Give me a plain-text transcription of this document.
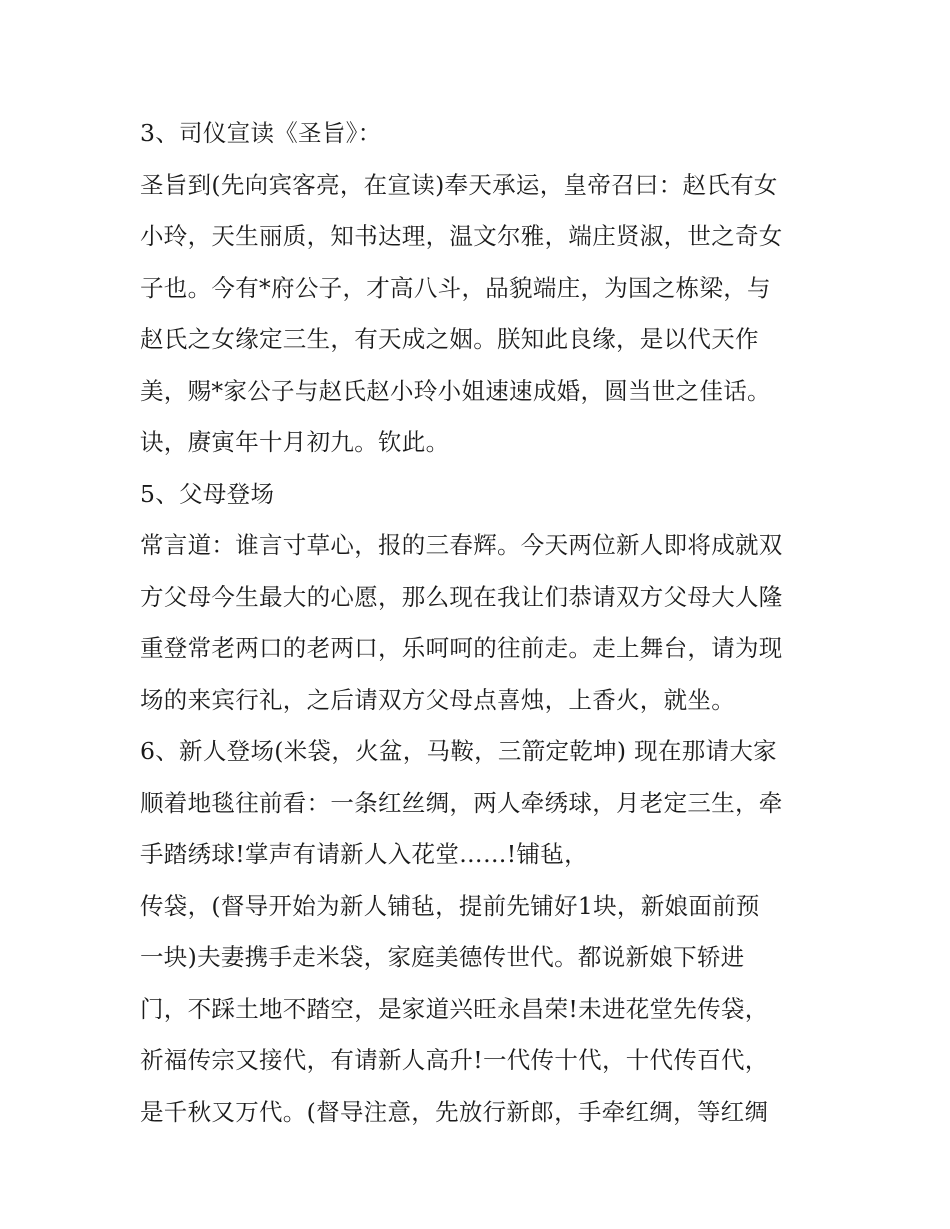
3、司仪宣读《圣旨》：
圣旨到(先向宾客亮，在宣读)奉天承运，皇帝召曰：赵氏有女
小玲，天生丽质，知书达理，温文尔雅，端庄贤淑，世之奇女
子也。今有*府公子，才高八斗，品貌端庄，为国之栋梁，与
赵氏之女缘定三生，有天成之姻。朕知此良缘，是以代天作
美，赐*家公子与赵氏赵小玲小姐速速成婚，圆当世之佳话。
诀，赓寅年十月初九。钦此。
5、父母登场
常言道：谁言寸草心，报的三春辉。今天两位新人即将成就双
方父母今生最大的心愿，那么现在我让们恭请双方父母大人隆
重登常老两口的老两口，乐呵呵的往前走。走上舞台，请为现
场的来宾行礼，之后请双方父母点喜烛，上香火，就坐。
6、新人登场(米袋，火盆，马鞍，三箭定乾坤) 现在那请大家
顺着地毯往前看：一条红丝绸，两人牵绣球，月老定三生，牵
手踏绣球!掌声有请新人入花堂……!铺毡，
传袋，(督导开始为新人铺毡，提前先铺好1块，新娘面前预
一块)夫妻携手走米袋，家庭美德传世代。都说新娘下轿进
门，不踩土地不踏空，是家道兴旺永昌荣!未进花堂先传袋，
祈福传宗又接代，有请新人高升!一代传十代，十代传百代，
是千秋又万代。(督导注意，先放行新郎，手牵红绸，等红绸
